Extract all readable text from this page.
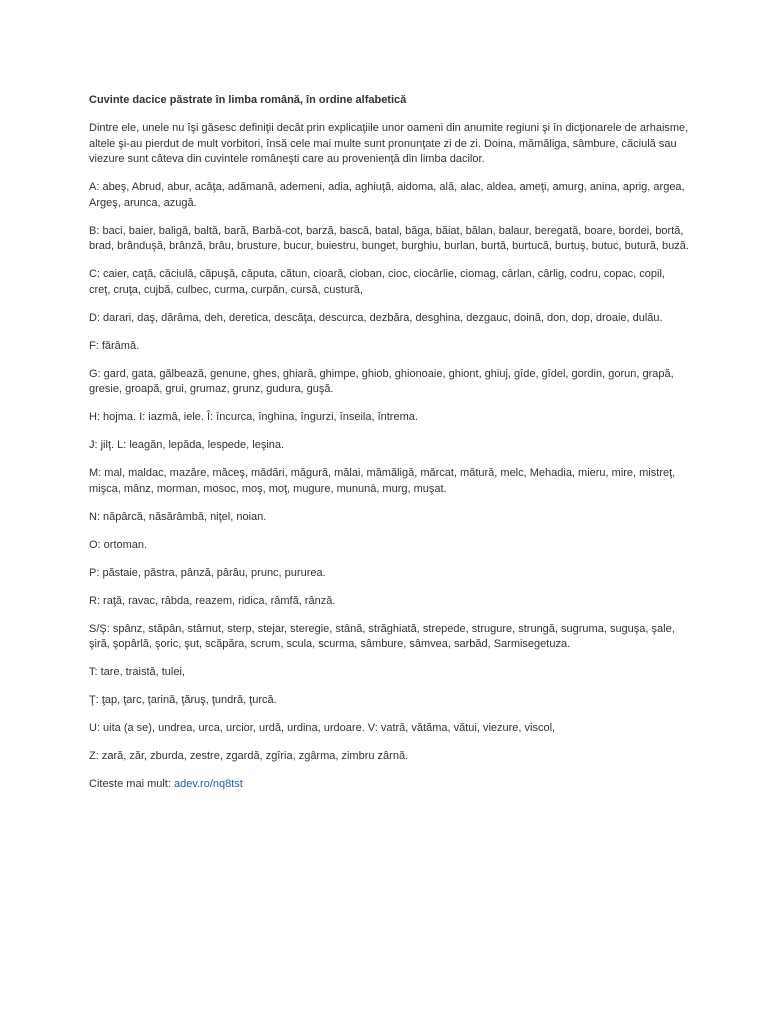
Cuvinte dacice păstrate în limba română, în ordine alfabetică
Dintre ele, unele nu îşi găsesc definiţii decât prin explicaţiile unor oameni din anumite regiuni şi în dicţionarele de arhaisme, altele şi-au pierdut de mult vorbitori, însă cele mai multe sunt pronunţate zi de zi. Doina, mămăliga, sâmbure, căciulă sau viezure sunt câteva din cuvintele româneşti care au provenienţă din limba dacilor.
A: abeş, Abrud, abur, acăţa, adămană, ademeni, adia, aghiuţă, aidoma, ală, alac, aldea, ameţi, amurg, anina, aprig, argea, Argeş, arunca, azugă.
B: baci, baier, baligă, baltă, bară, Barbă-cot, barză, bască, batal, băga, băiat, bălan, balaur, beregată, boare, bordei, bortă, brad, brânduşă, brânză, brâu, brusture, bucur, buiestru, bunget, burghiu, burlan, burtă, burtucă, burtuş, butuc, butură, buză.
C: caier, caţă, căciulă, căpuşă, căputa, cătun, cioară, cioban, cioc, ciocârlie, ciomag, cârlan, cârlig, codru, copac, copil, creţ, cruţa, cujbă, culbec, curma, curpăn, cursă, custură,
D: darari, daş, dărâma, deh, deretica, descăţa, descurca, dezbăra, desghina, dezgauc, doină, don, dop, droaie, dulău.
F: fărâmă.
G: gard, gata, gălbează, genune, ghes, ghiară, ghimpe, ghiob, ghionoaie, ghiont, ghiuj, gîde, gîdel, gordin, gorun, grapă, gresie, groapă, grui, grumaz, grunz, gudura, guşă.
H: hojma. I: iazmă, iele. Î: încurca, înghina, îngurzi, înseila, întrema.
J: jilţ. L: leagăn, lepăda, lespede, leşina.
M: mal, maldac, mazăre, măceş, mădări, măgură, mălai, mămăligă, mărcat, mătură, melc, Mehadia, mieru, mire, mistreţ, mişca, mânz, morman, mosoc, moş, moţ, mugure, mununā, murg, muşat.
N: năpârcă, năsărâmbă, niţel, noian.
O: ortoman.
P: păstaie, păstra, pânză, pârâu, prunc, pururea.
R: raţă, ravac, râbda, reazem, ridica, râmfă, rânză.
S/Ş: spânz, stăpân, stârnut, sterp, stejar, steregie, stână, străghiată, strepede, strugure, strungă, sugruma, suguşa, şale, şiră, şopârlă, şoric, şut, scăpăra, scrum, scula, scurma, sâmbure, sâmvea, sarbăd, Sarmisegetuza.
T: tare, traistă, tulei,
Ţ: ţap, ţarc, ţarină, ţăruş, ţundră, ţurcă.
U: uita (a se), undrea, urca, urcior, urdă, urdina, urdoare. V: vatră, vătăma, vătui, viezure, viscol,
Z: zară, zăr, zburda, zestre, zgardă, zgîria, zgârma, zimbru zârnă.
Citeste mai mult: adev.ro/nq8tst
